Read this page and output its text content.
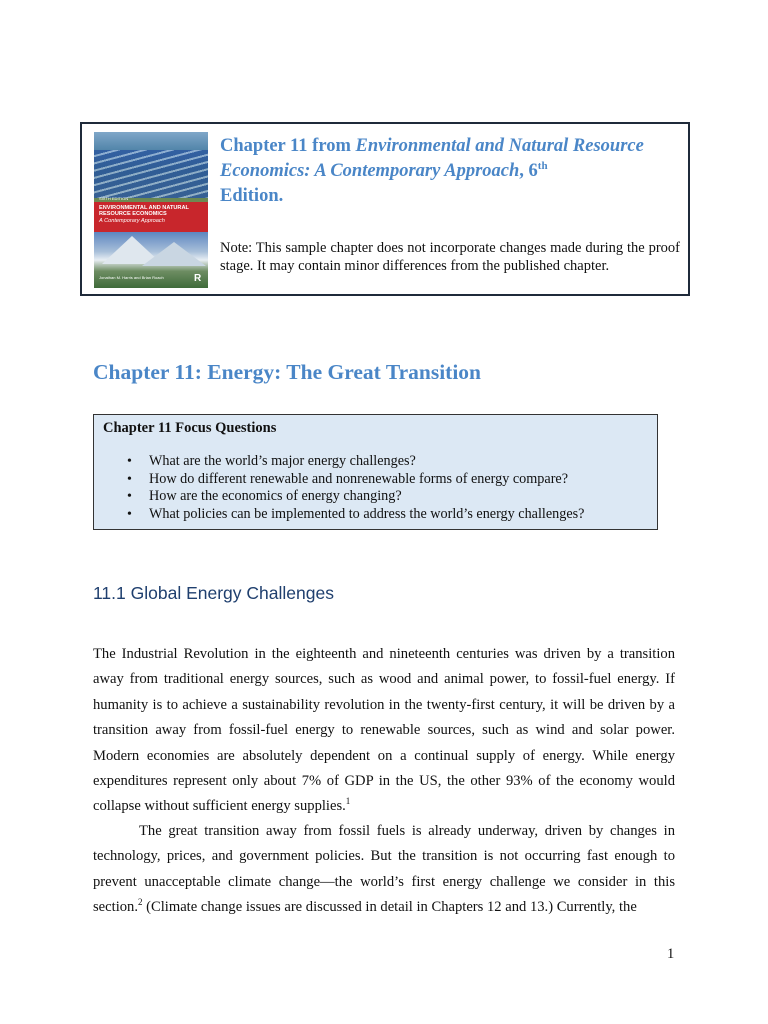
SIXTH EDITION
ENVIRONMENTAL AND NATURAL RESOURCE ECONOMICS
A Contemporary Approach
Jonathan M. Harris and Brian Roach	R
Chapter 11 from Environmental and Natural Resource Economics: A Contemporary Approach, 6th
Edition.
Note: This sample chapter does not incorporate changes made during the proof stage. It may contain minor differences from the published chapter.
Chapter 11: Energy: The Great Transition
Chapter 11 Focus Questions
• What are the world’s major energy challenges?
• How do different renewable and nonrenewable forms of energy compare?
• How are the economics of energy changing?
• What policies can be implemented to address the world’s energy challenges?
11.1 Global Energy Challenges

The Industrial Revolution in the eighteenth and nineteenth centuries was driven by a transition away from traditional energy sources, such as wood and animal power, to fossil-fuel energy. If humanity is to achieve a sustainability revolution in the twenty-first century, it will be driven by a transition away from fossil-fuel energy to renewable sources, such as wind and solar power. Modern economies are absolutely dependent on a continual supply of energy. While energy expenditures represent only about 7% of GDP in the US, the other 93% of the economy would collapse without sufficient energy supplies.$^1$

The great transition away from fossil fuels is already underway, driven by changes in technology, prices, and government policies. But the transition is not occurring fast enough to prevent unacceptable climate change—the world’s first energy challenge we consider in this section.$^2$ (Climate change issues are discussed in detail in Chapters 12 and 13.) Currently, the

1
